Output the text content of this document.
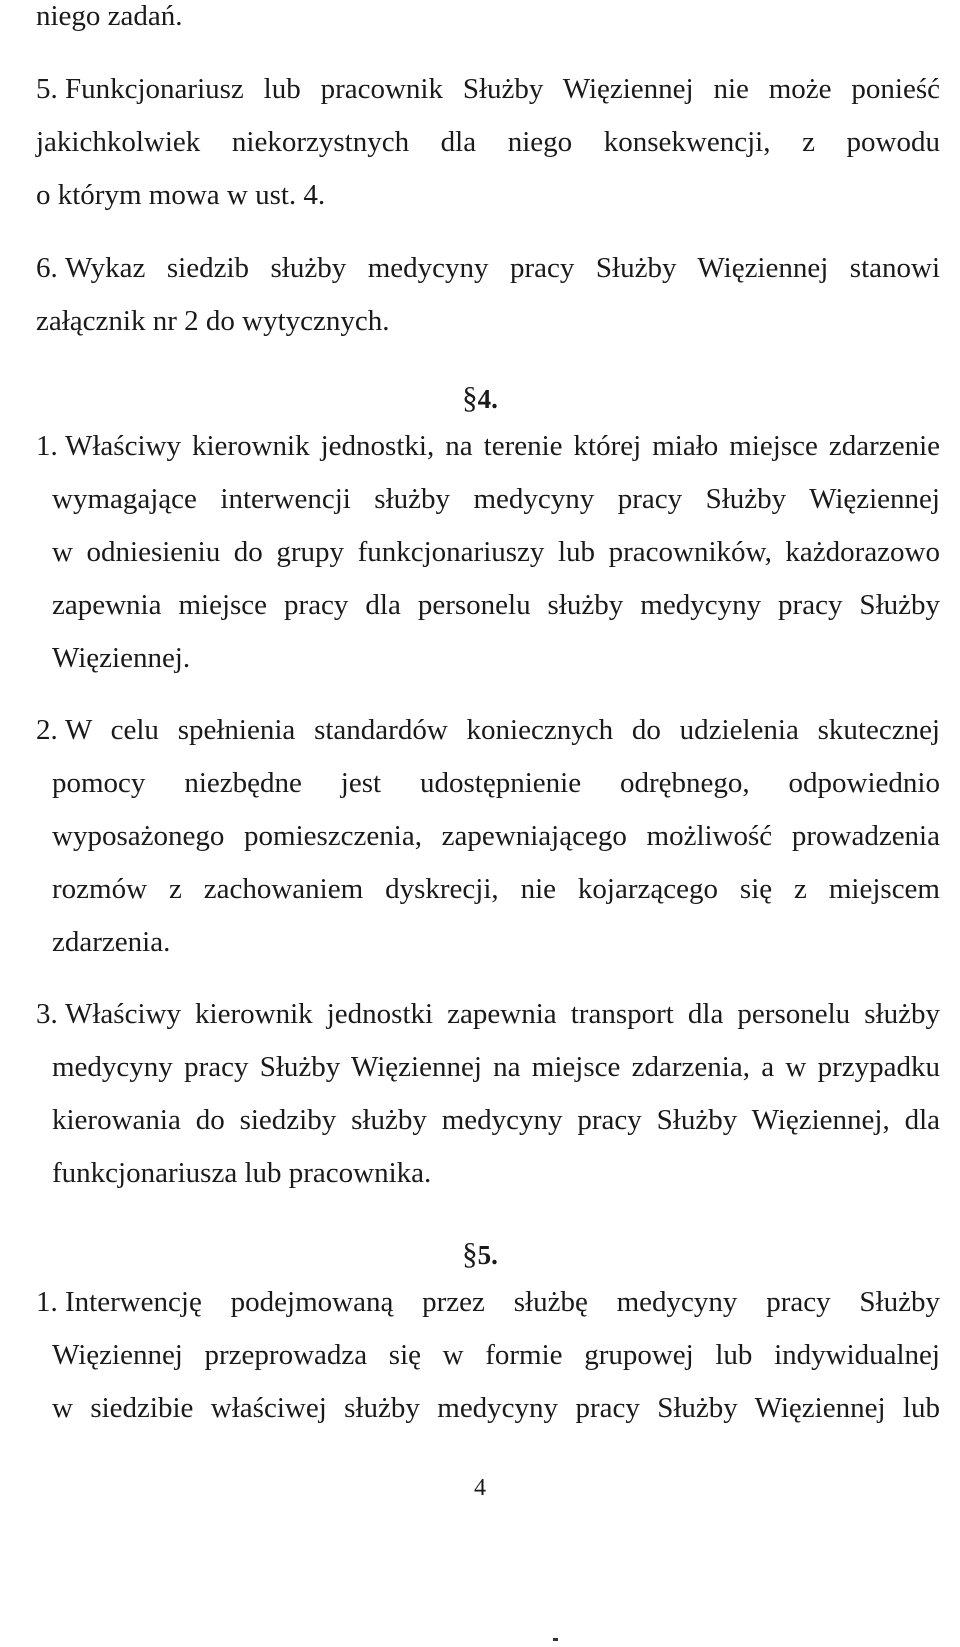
niego zadań.
5. Funkcjonariusz lub pracownik Służby Więziennej nie może ponieść
jakichkolwiek niekorzystnych dla niego konsekwencji, z powodu
o którym mowa w ust. 4.
6. Wykaz siedzib służby medycyny pracy Służby Więziennej stanowi
załącznik nr 2 do wytycznych.
§4.
1. Właściwy kierownik jednostki, na terenie której miało miejsce zdarzenie
wymagające interwencji służby medycyny pracy Służby Więziennej
w odniesieniu do grupy funkcjonariuszy lub pracowników, każdorazowo
zapewnia miejsce pracy dla personelu służby medycyny pracy Służby
Więziennej.
2. W celu spełnienia standardów koniecznych do udzielenia skutecznej
pomocy niezbędne jest udostępnienie odrębnego, odpowiednio
wyposażonego pomieszczenia, zapewniającego możliwość prowadzenia
rozmów z zachowaniem dyskrecji, nie kojarzącego się z miejscem
zdarzenia.
3. Właściwy kierownik jednostki zapewnia transport dla personelu służby
medycyny pracy Służby Więziennej na miejsce zdarzenia, a w przypadku
kierowania do siedziby służby medycyny pracy Służby Więziennej, dla
funkcjonariusza lub pracownika.
§5.
1. Interwencję podejmowaną przez służbę medycyny pracy Służby
Więziennej przeprowadza się w formie grupowej lub indywidualnej
w siedzibie właściwej służby medycyny pracy Służby Więziennej lub
4
